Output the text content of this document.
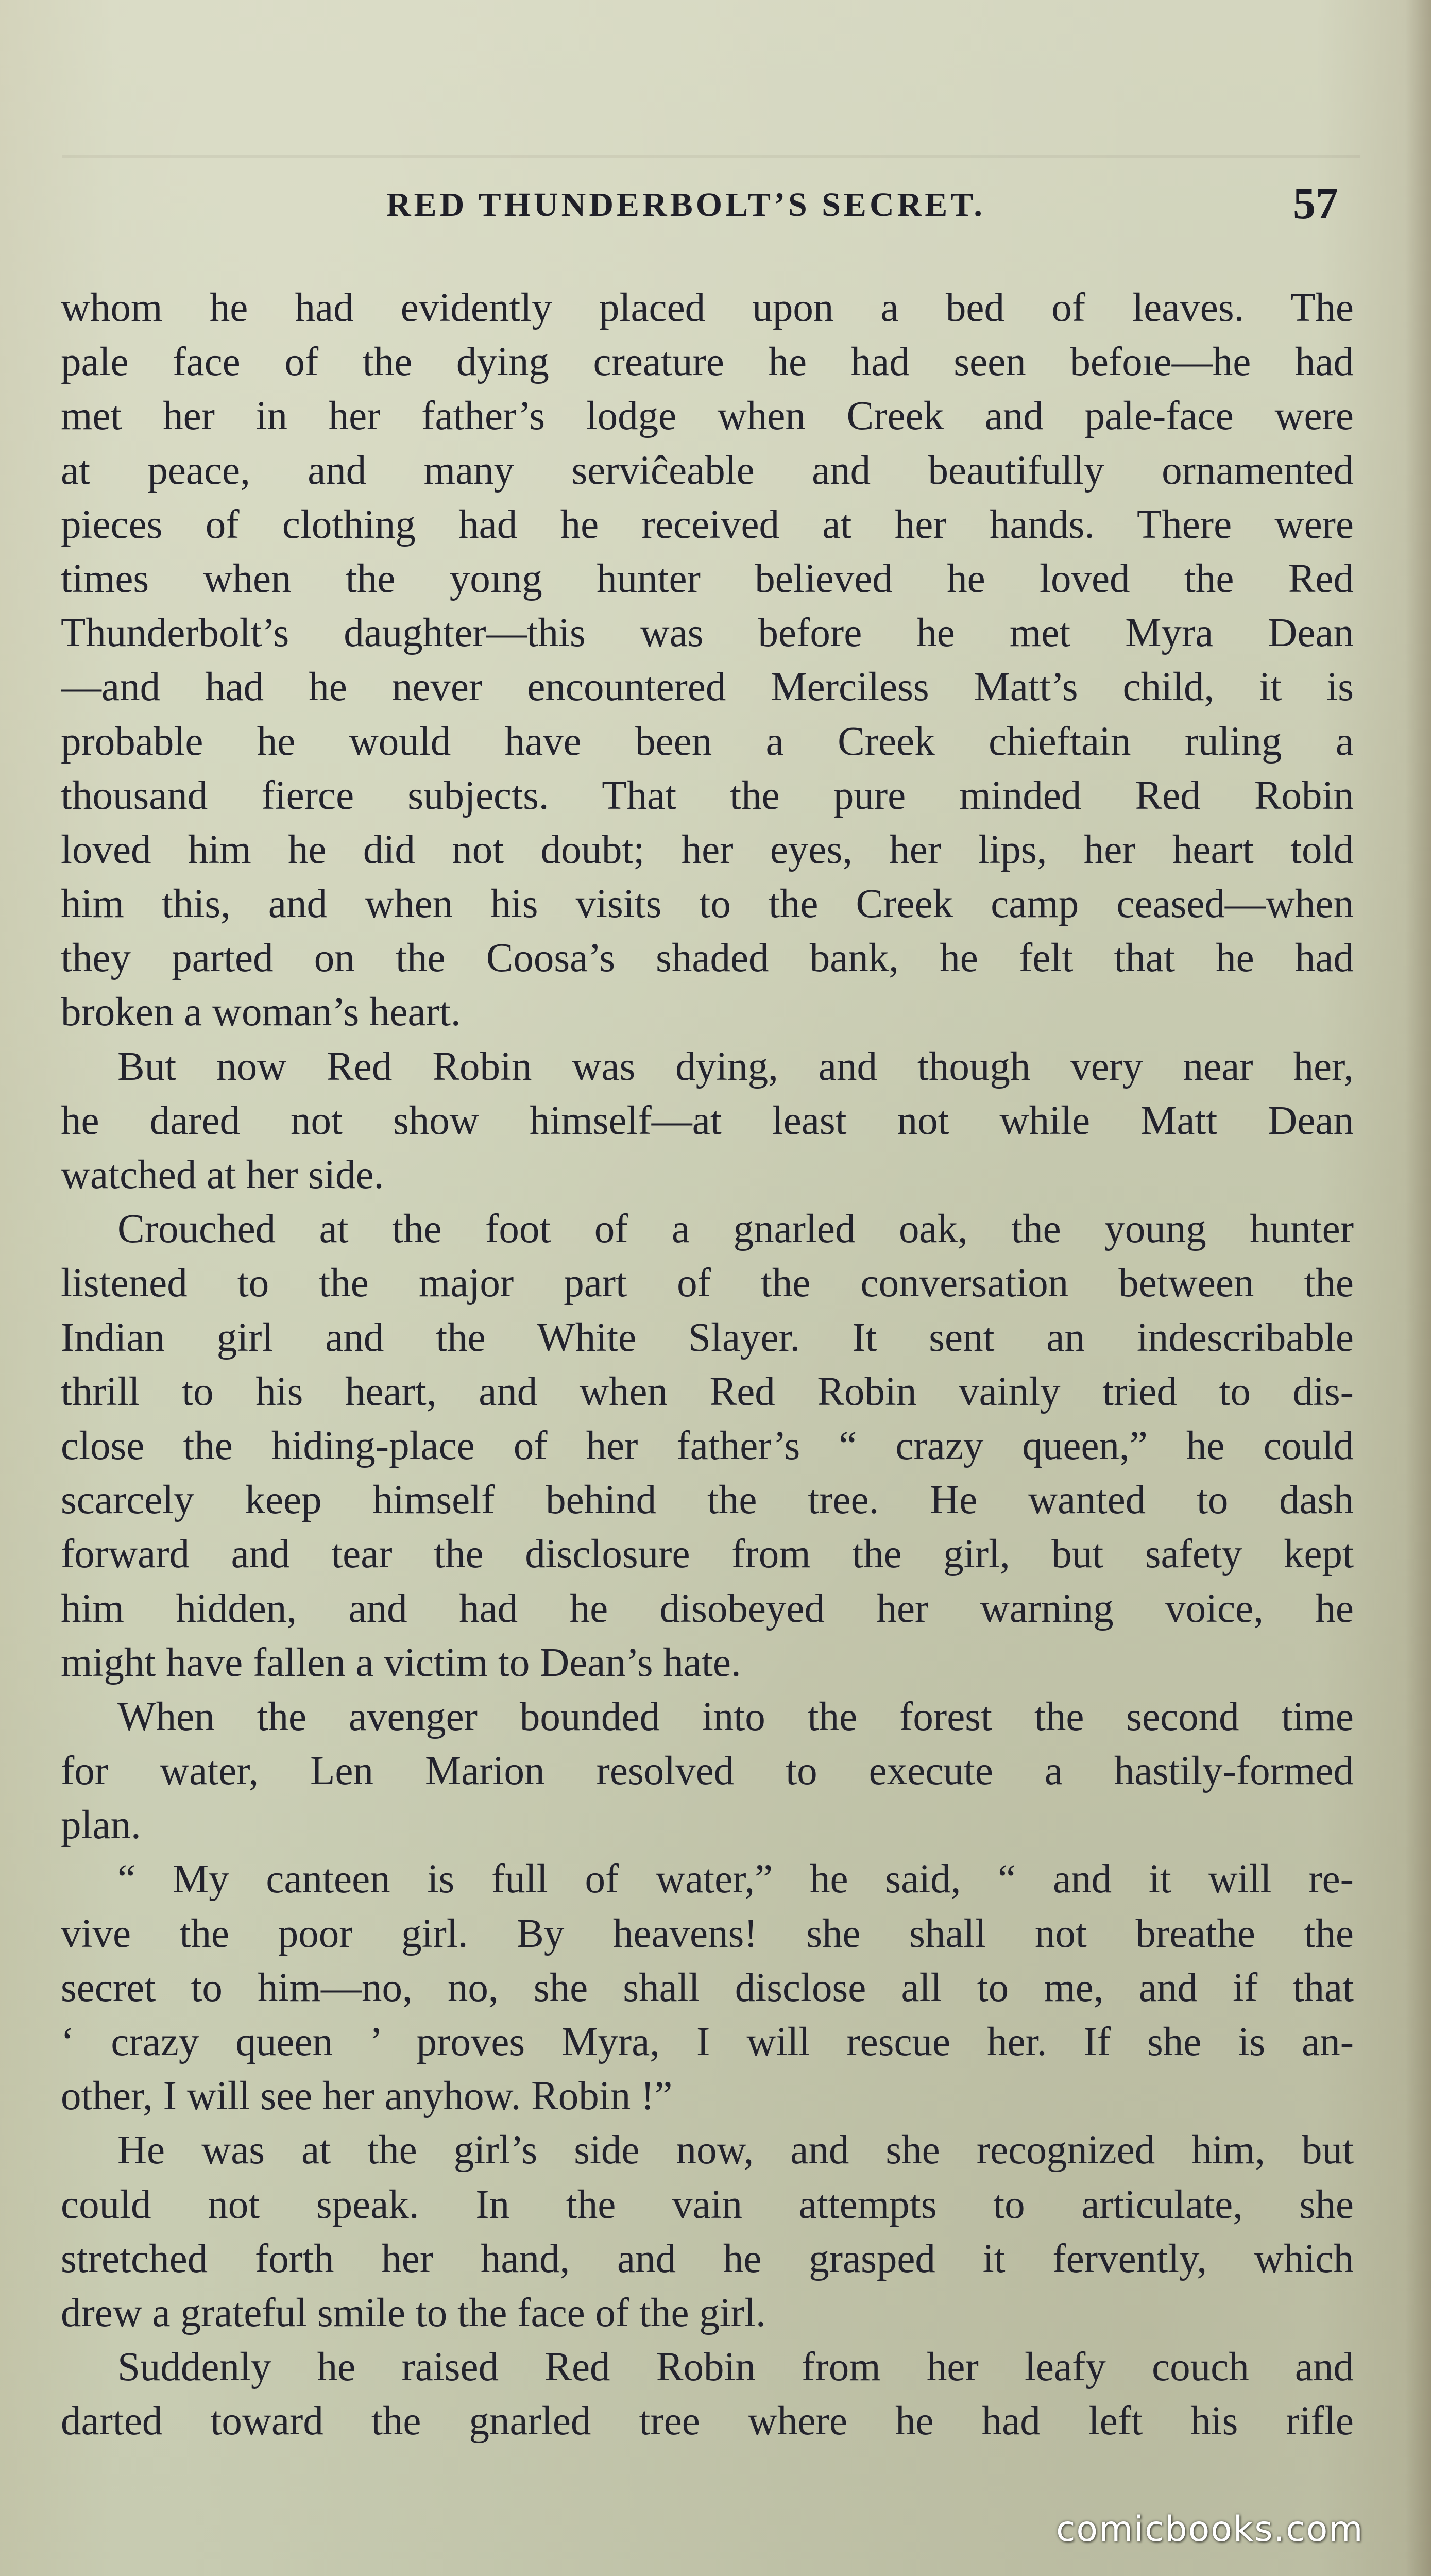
RED THUNDERBOLT’S SECRET.	57
whom he had evidently placed upon a bed of leaves. The
pale face of the dying creature he had seen befoıe—he had
met her in her father’s lodge when Creek and pale-face were
at peace, and many serviĉeable and beautifully ornamented
pieces of clothing had he received at her hands. There were
times when the yoıng hunter believed he loved the Red
Thunderbolt’s daughter—this was before he met Myra Dean
—and had he never encountered Merciless Matt’s child, it is
probable he would have been a Creek chieftain ruling a
thousand fierce subjects. That the pure minded Red Robin
loved him he did not doubt; her eyes, her lips, her heart told
him this, and when his visits to the Creek camp ceased—when
they parted on the Coosa’s shaded bank, he felt that he had
broken a woman’s heart.
But now Red Robin was dying, and though very near her,
he dared not show himself—at least not while Matt Dean
watched at her side.
Crouched at the foot of a gnarled oak, the young hunter
listened to the major part of the conversation between the
Indian girl and the White Slayer. It sent an indescribable
thrill to his heart, and when Red Robin vainly tried to dis-
close the hiding-place of her father’s “ crazy queen,” he could
scarcely keep himself behind the tree. He wanted to dash
forward and tear the disclosure from the girl, but safety kept
him hidden, and had he disobeyed her warning voice, he
might have fallen a victim to Dean’s hate.
When the avenger bounded into the forest the second time
for water, Len Marion resolved to execute a hastily-formed
plan.
“ My canteen is full of water,” he said, “ and it will re-
vive the poor girl. By heavens! she shall not breathe the
secret to him—no, no, she shall disclose all to me, and if that
‘ crazy queen ’ proves Myra, I will rescue her. If she is an-
other, I will see her anyhow. Robin !”
He was at the girl’s side now, and she recognized him, but
could not speak. In the vain attempts to articulate, she
stretched forth her hand, and he grasped it fervently, which
drew a grateful smile to the face of the girl.
Suddenly he raised Red Robin from her leafy couch and
darted toward the gnarled tree where he had left his rifle
comicbooks.com
